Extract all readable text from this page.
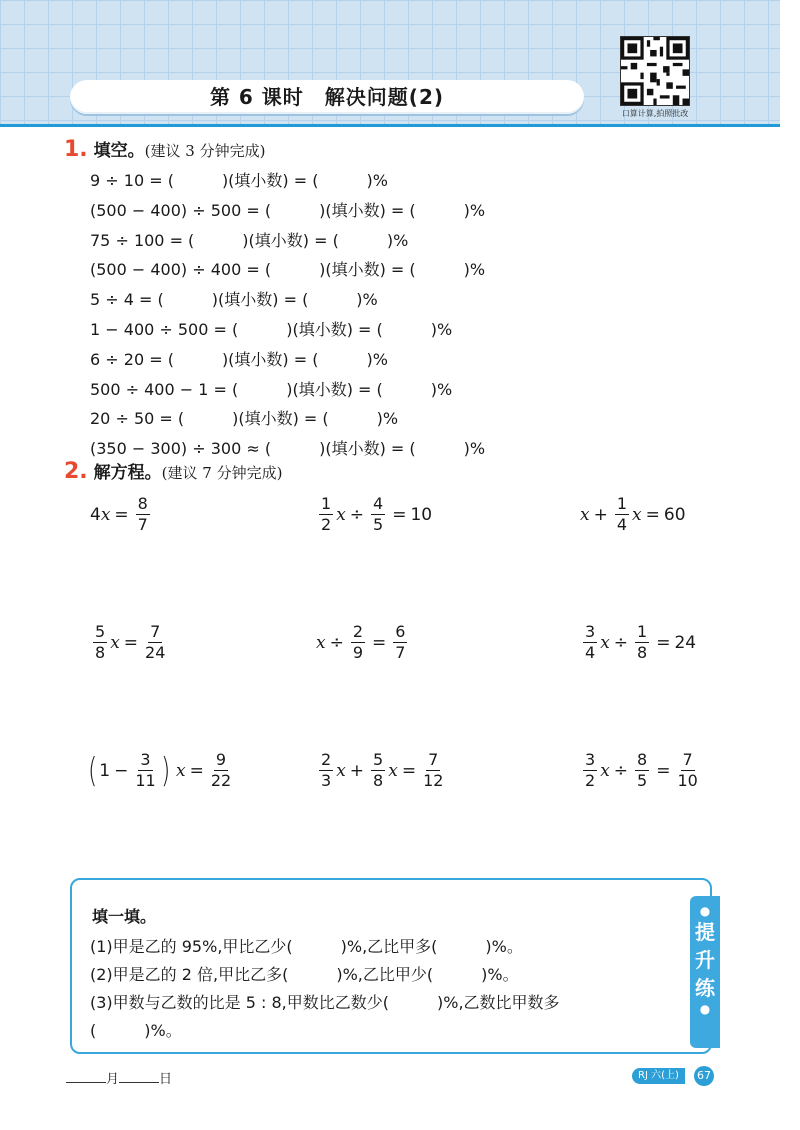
第 6 课时　解决问题(2)
口算计算,拍照批改
1. 填空。(建议 3 分钟完成)
9 ÷ 10 = (　　　)(填小数) = (　　　)%
(500 − 400) ÷ 500 = (　　　)(填小数) = (　　　)%
75 ÷ 100 = (　　　)(填小数) = (　　　)%
(500 − 400) ÷ 400 = (　　　)(填小数) = (　　　)%
5 ÷ 4 = (　　　)(填小数) = (　　　)%
1 − 400 ÷ 500 = (　　　)(填小数) = (　　　)%
6 ÷ 20 = (　　　)(填小数) = (　　　)%
500 ÷ 400 − 1 = (　　　)(填小数) = (　　　)%
20 ÷ 50 = (　　　)(填小数) = (　　　)%
(350 − 300) ÷ 300 ≈ (　　　)(填小数) = (　　　)%
2. 解方程。(建议 7 分钟完成)
4 $x = \frac{8}{7}$	$\frac{1}{2}$ $x \div \frac{4}{5} = 10$	$x + \frac{1}{4}$ x = 60
$\frac{5}{8}$ $x = \frac{7}{24}$	$x \div \frac{2}{9} = \frac{6}{7}$	$\frac{3}{4}$ $x \div \frac{1}{8} = 24$
( $1 - \frac{3}{11}$ ) $x = \frac{9}{22}$	$\frac{2}{3}$ $x + \frac{5}{8}$ $x = \frac{7}{12}$	$\frac{3}{2}$ $x \div \frac{8}{5} = \frac{7}{10}$
填一填。
(1)甲是乙的 95%,甲比乙少(　　　)%,乙比甲多(　　　)%。
(2)甲是乙的 2 倍,甲比乙多(　　　)%,乙比甲少(　　　)%。
(3)甲数与乙数的比是 5 : 8,甲数比乙数少(　　　)%,乙数比甲数多
(　　　)%。
●
提
升
练
●
月	日	RJ 六(上)	67
